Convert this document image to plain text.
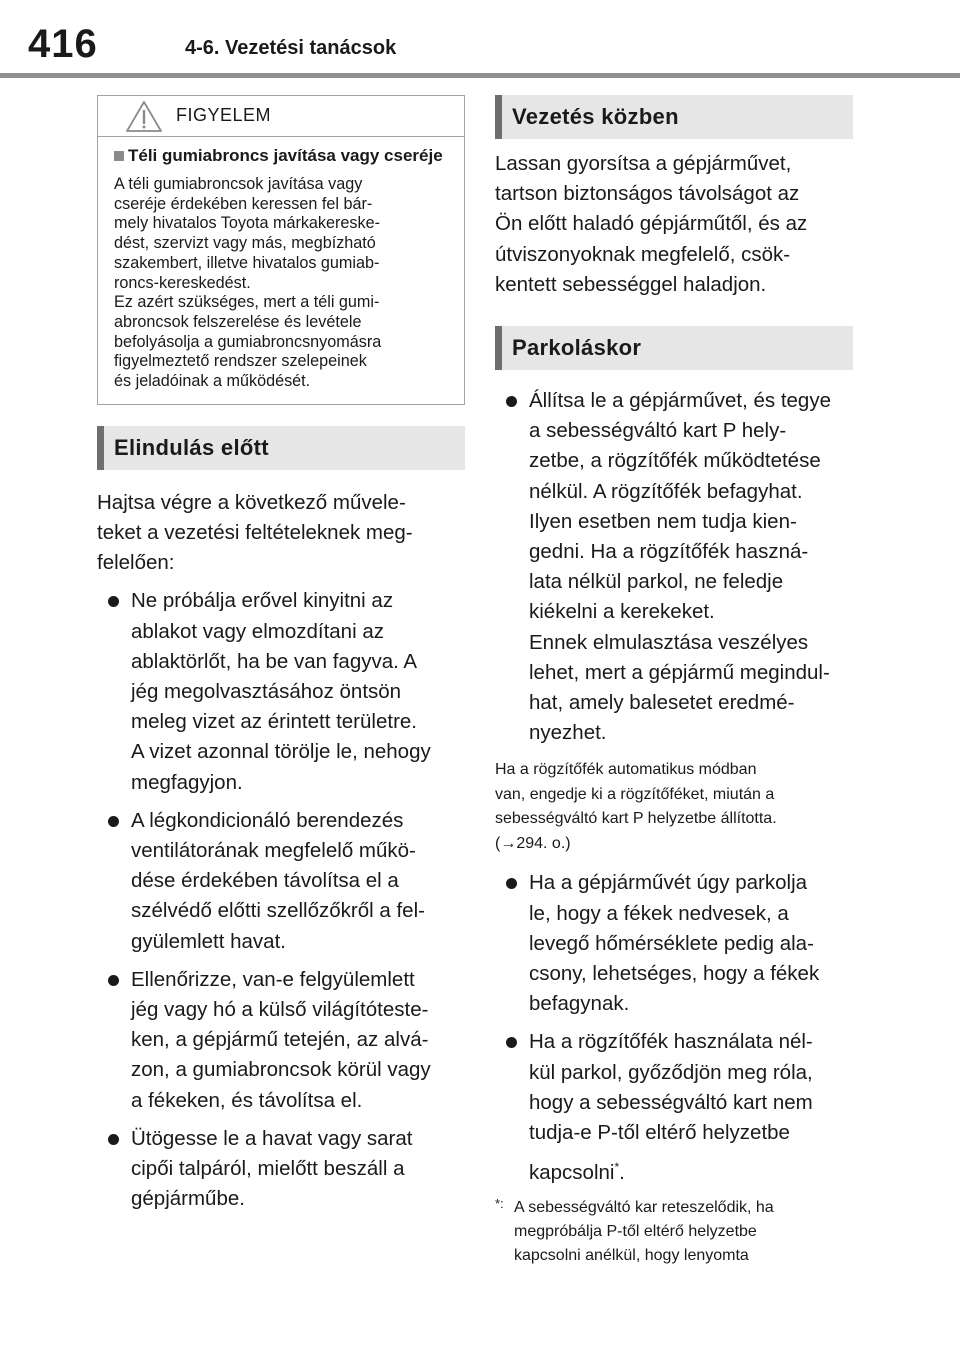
416	4-6. Vezetési tanácsok
FIGYELEM
Téli gumiabroncs javítása vagy cseréje
A téli gumiabroncsok javítása vagy
cseréje érdekében keressen fel bár-
mely hivatalos Toyota márkakereske-
dést, szervizt vagy más, megbízható
szakembert, illetve hivatalos gumiab-
roncs-kereskedést.
Ez azért szükséges, mert a téli gumi-
abroncsok felszerelése és levétele
befolyásolja a gumiabroncsnyomásra
figyelmeztető rendszer szelepeinek
és jeladóinak a működését.
Elindulás előtt
Hajtsa végre a következő művele-
teket a vezetési feltételeknek meg-
felelően:
Ne próbálja erővel kinyitni az
ablakot vagy elmozdítani az
ablaktörlőt, ha be van fagyva. A
jég megolvasztásához öntsön
meleg vizet az érintett területre.
A vizet azonnal törölje le, nehogy
megfagyjon.
A légkondicionáló berendezés
ventilátorának megfelelő műkö-
dése érdekében távolítsa el a
szélvédő előtti szellőzőkről a fel-
gyülemlett havat.
Ellenőrizze, van-e felgyülemlett
jég vagy hó a külső világítóteste-
ken, a gépjármű tetején, az alvá-
zon, a gumiabroncsok körül vagy
a fékeken, és távolítsa el.
Ütögesse le a havat vagy sarat
cipői talpáról, mielőtt beszáll a
gépjárműbe.
Vezetés közben
Lassan gyorsítsa a gépjárművet,
tartson biztonságos távolságot az
Ön előtt haladó gépjárműtől, és az
útviszonyoknak megfelelő, csök-
kentett sebességgel haladjon.
Parkoláskor
Állítsa le a gépjárművet, és tegye
a sebességváltó kart P hely-
zetbe, a rögzítőfék működtetése
nélkül. A rögzítőfék befagyhat.
Ilyen esetben nem tudja kien-
gedni. Ha a rögzítőfék haszná-
lata nélkül parkol, ne feledje
kiékelni a kerekeket.
Ennek elmulasztása veszélyes
lehet, mert a gépjármű megindul-
hat, amely balesetet eredmé-
nyezhet.
Ha a rögzítőfék automatikus módban
van, engedje ki a rögzítőféket, miután a
sebességváltó kart P helyzetbe állította.
(→294. o.)
Ha a gépjárművét úgy parkolja
le, hogy a fékek nedvesek, a
levegő hőmérséklete pedig ala-
csony, lehetséges, hogy a fékek
befagynak.
Ha a rögzítőfék használata nél-
kül parkol, győződjön meg róla,
hogy a sebességváltó kart nem
tudja-e P-től eltérő helyzetbe
kapcsolni*.
*: A sebességváltó kar reteszelődik, ha
megpróbálja P-től eltérő helyzetbe
kapcsolni anélkül, hogy lenyomta
